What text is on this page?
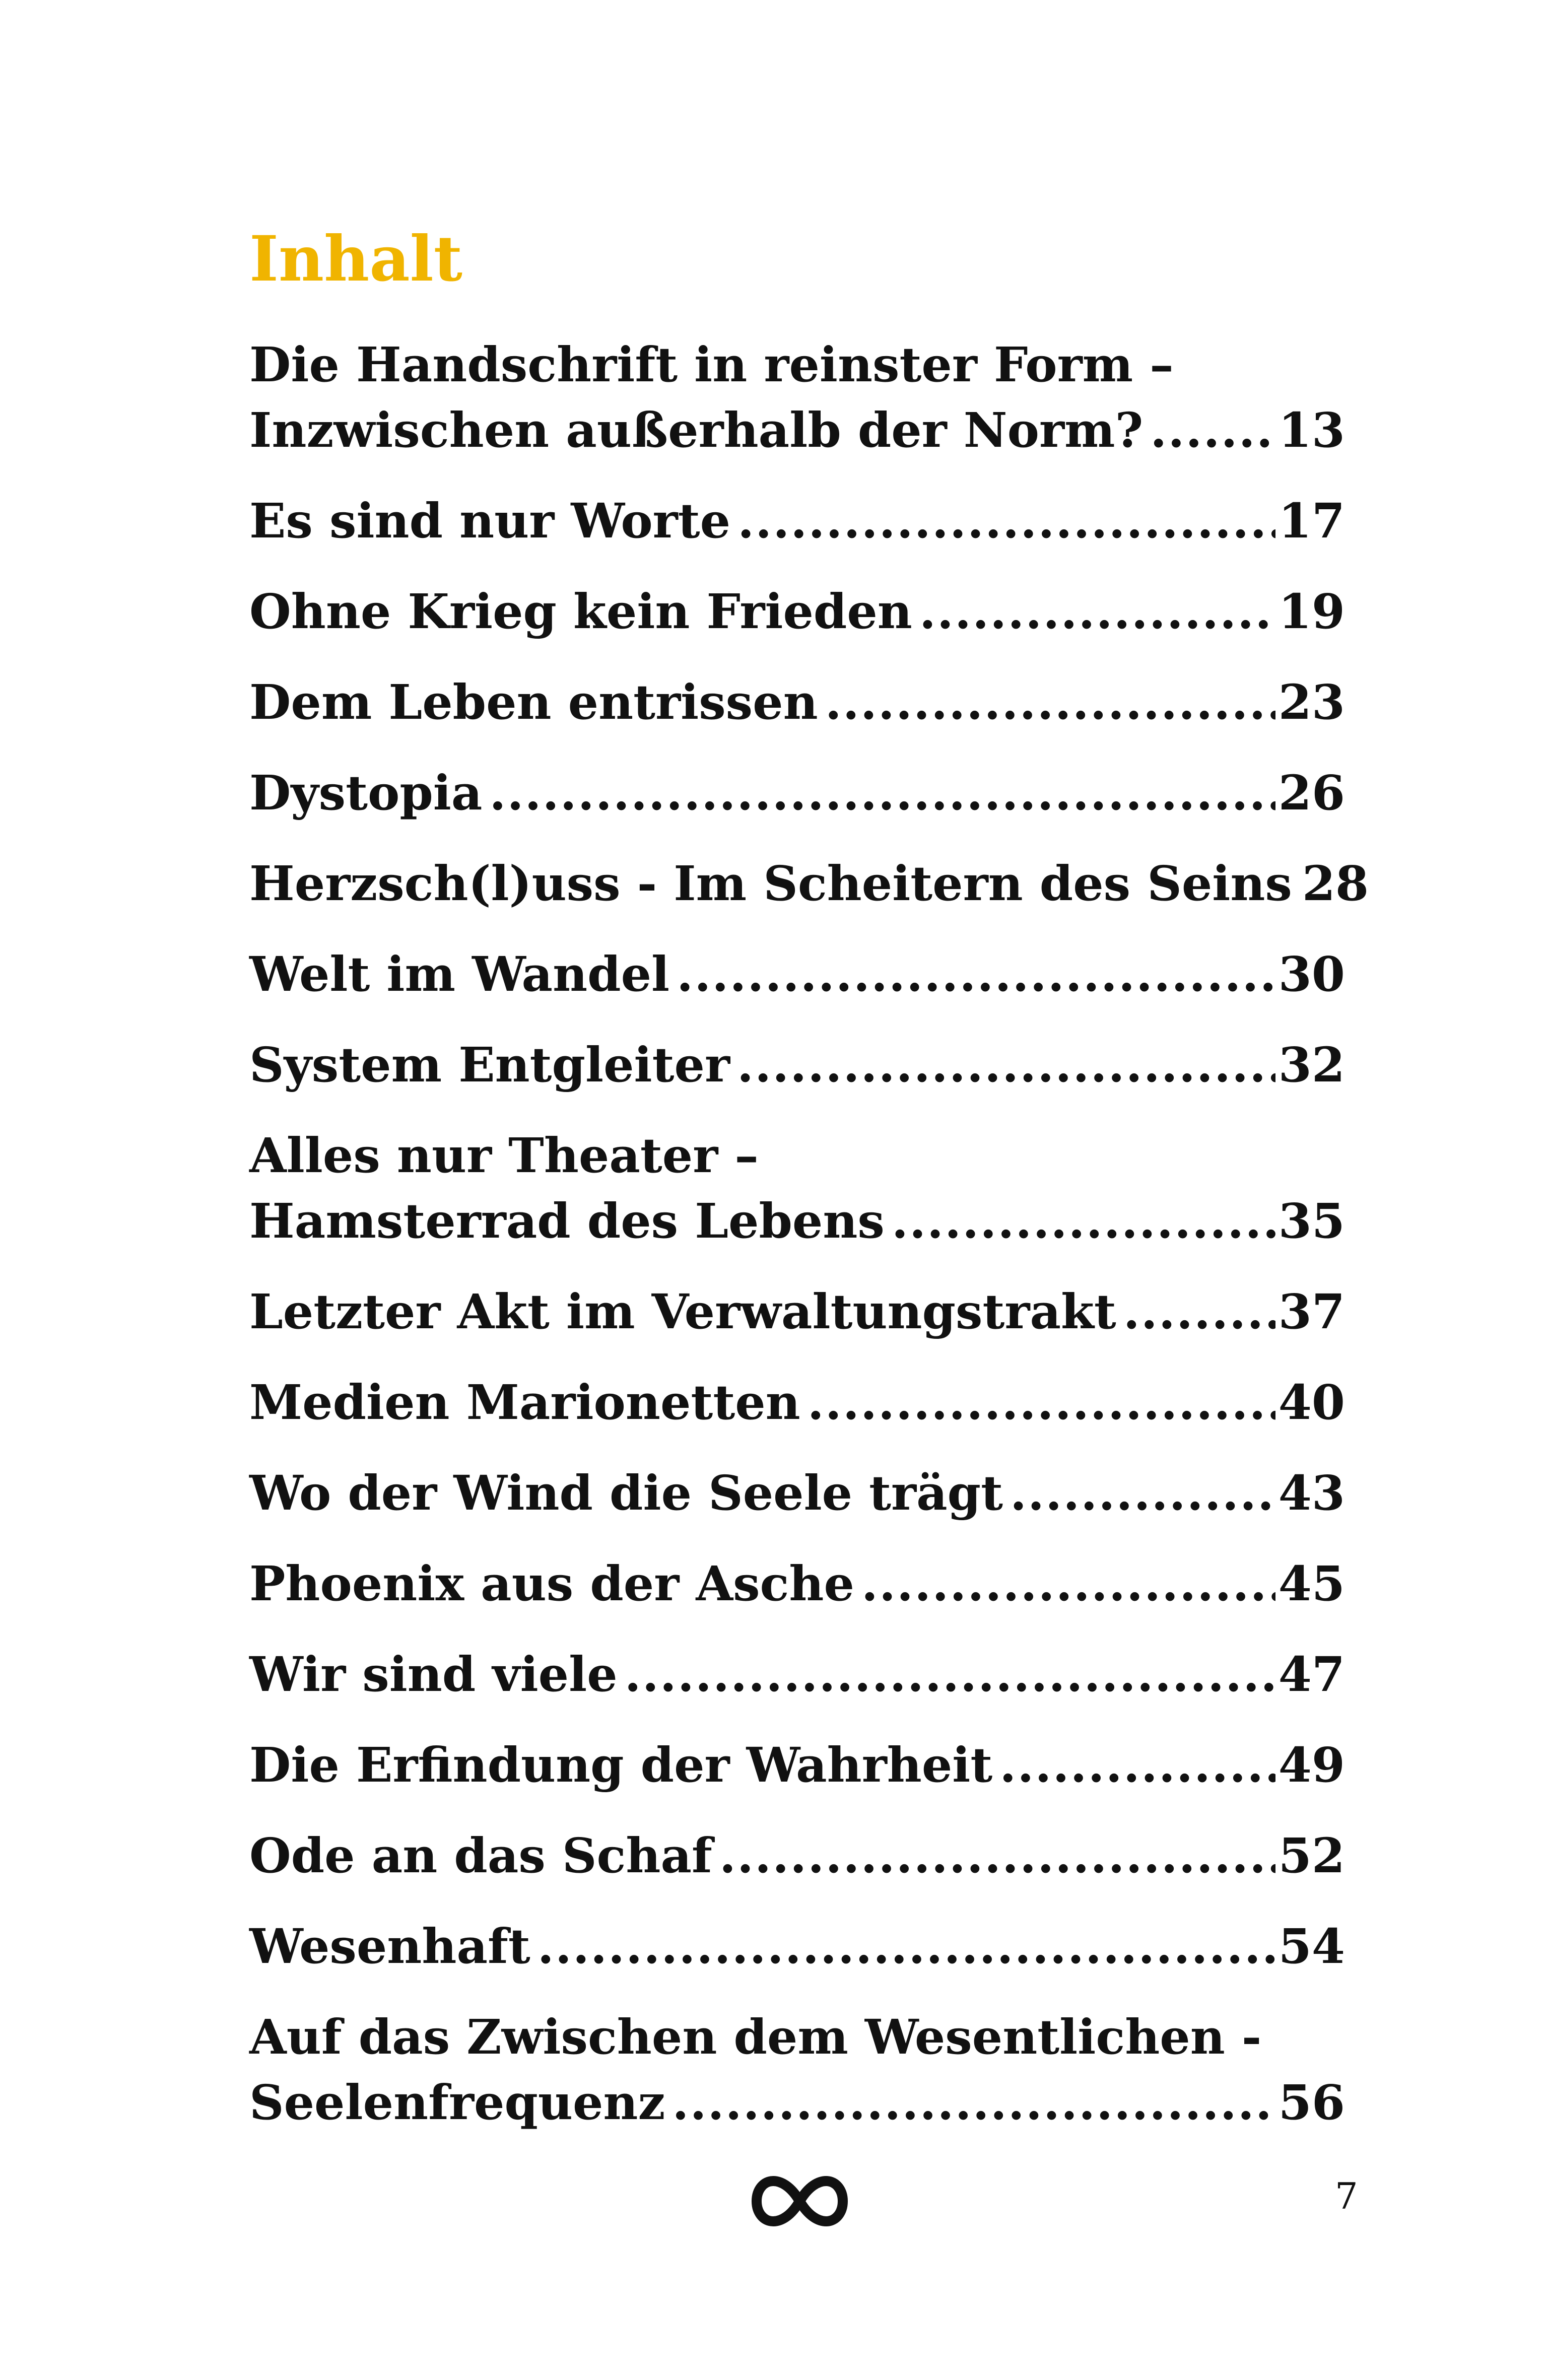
Inhalt
Die Handschrift in reinster Form –
Inzwischen außerhalb der Norm? .....	13
Es sind nur Worte .....	17
Ohne Krieg kein Frieden .....	19
Dem Leben entrissen .....	23
Dystopia .....	26
Herzsch(l)uss - Im Scheitern des Seins 28
Welt im Wandel .....	30
System Entgleiter .....	32
Alles nur Theater –
Hamsterrad des Lebens .....	35
Letzter Akt im Verwaltungstrakt .....	37
Medien Marionetten .....	40
Wo der Wind die Seele trägt .....	43
Phoenix aus der Asche .....	45
Wir sind viele .....	47
Die Erfindung der Wahrheit .....	49
Ode an das Schaf .....	52
Wesenhaft .....	54
Auf das Zwischen dem Wesentlichen -
Seelenfrequenz .....	56
7
